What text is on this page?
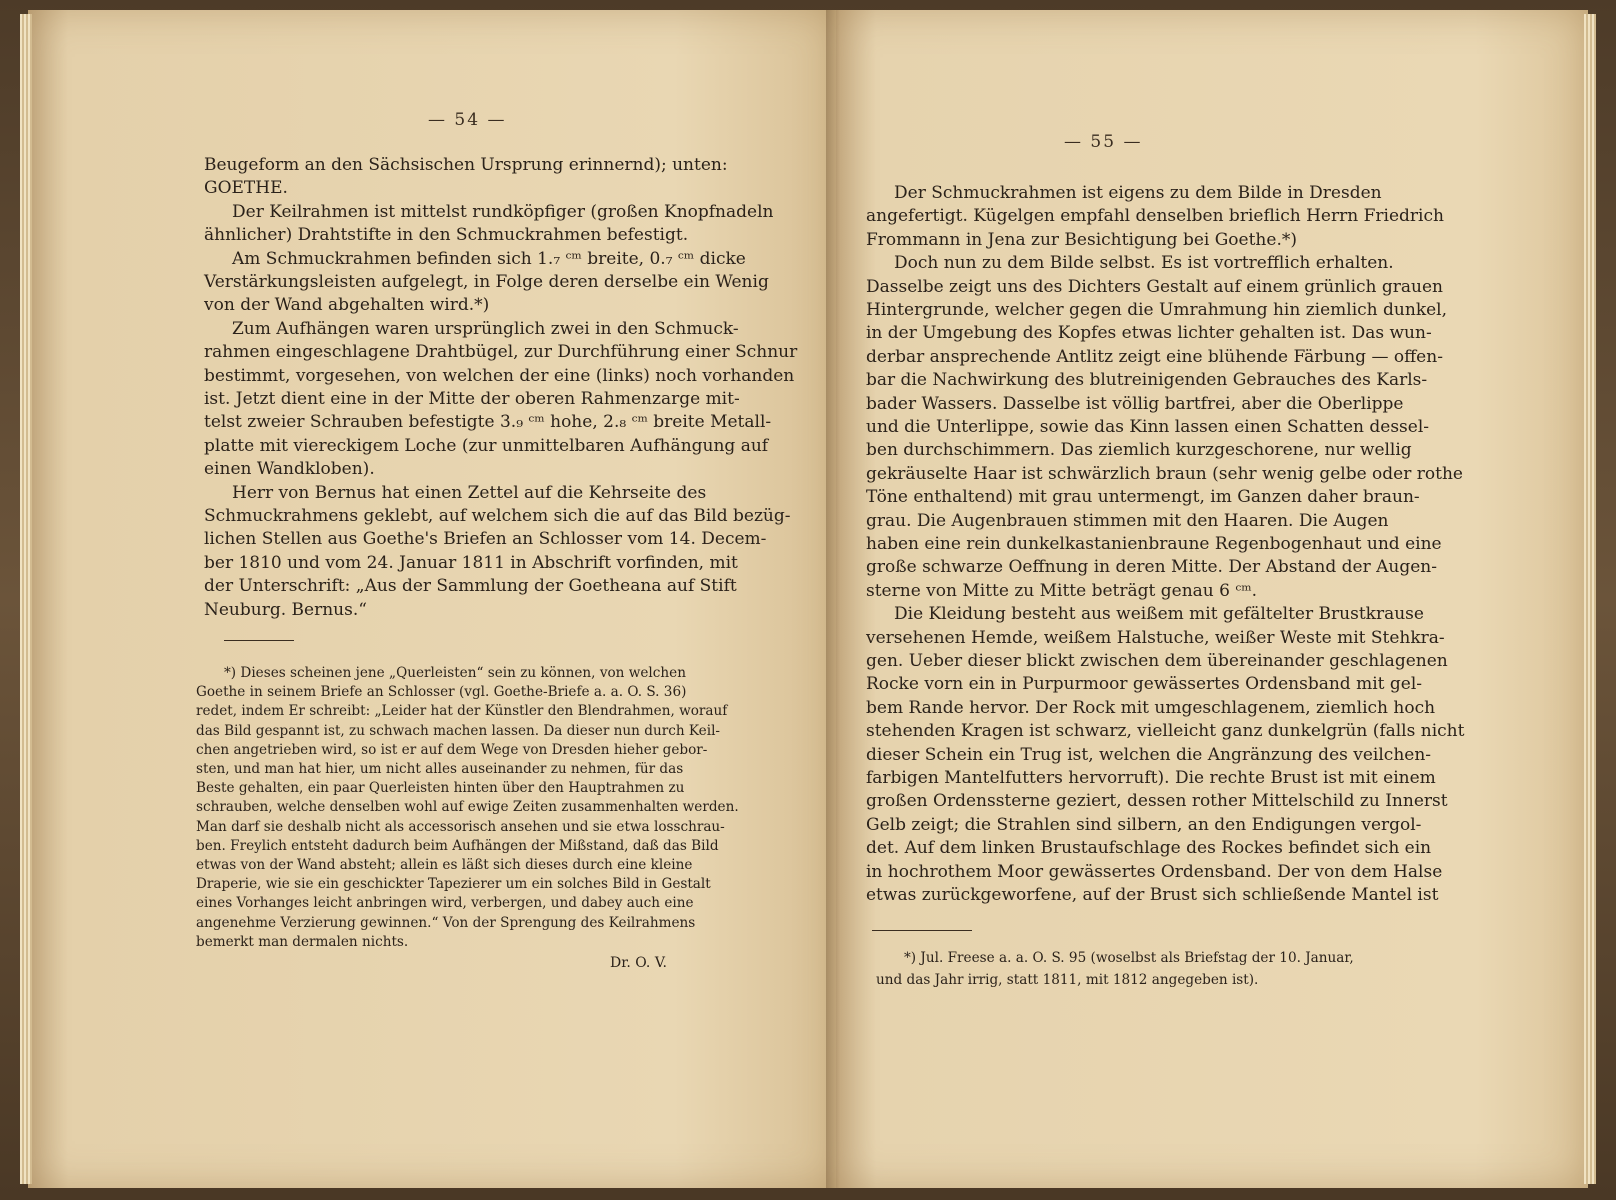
— 54 —
Beugeform an den Sächsischen Ursprung erinnernd); unten:
GOETHE.
Der Keilrahmen ist mittelst rundköpfiger (großen Knopfnadeln
ähnlicher) Drahtstifte in den Schmuckrahmen befestigt.
Am Schmuckrahmen befinden sich 1.₇ ᶜᵐ breite, 0.₇ ᶜᵐ dicke
Verstärkungsleisten aufgelegt, in Folge deren derselbe ein Wenig
von der Wand abgehalten wird.*)
Zum Aufhängen waren ursprünglich zwei in den Schmuck-
rahmen eingeschlagene Drahtbügel, zur Durchführung einer Schnur
bestimmt, vorgesehen, von welchen der eine (links) noch vorhanden
ist. Jetzt dient eine in der Mitte der oberen Rahmenzarge mit-
telst zweier Schrauben befestigte 3.₉ ᶜᵐ hohe, 2.₈ ᶜᵐ breite Metall-
platte mit viereckigem Loche (zur unmittelbaren Aufhängung auf
einen Wandkloben).
Herr von Bernus hat einen Zettel auf die Kehrseite des
Schmuckrahmens geklebt, auf welchem sich die auf das Bild bezüg-
lichen Stellen aus Goethe's Briefen an Schlosser vom 14. Decem-
ber 1810 und vom 24. Januar 1811 in Abschrift vorfinden, mit
der Unterschrift: „Aus der Sammlung der Goetheana auf Stift
Neuburg. Bernus.“
*) Dieses scheinen jene „Querleisten“ sein zu können, von welchen
Goethe in seinem Briefe an Schlosser (vgl. Goethe-Briefe a. a. O. S. 36)
redet, indem Er schreibt: „Leider hat der Künstler den Blendrahmen, worauf
das Bild gespannt ist, zu schwach machen lassen. Da dieser nun durch Keil-
chen angetrieben wird, so ist er auf dem Wege von Dresden hieher gebor-
sten, und man hat hier, um nicht alles auseinander zu nehmen, für das
Beste gehalten, ein paar Querleisten hinten über den Hauptrahmen zu
schrauben, welche denselben wohl auf ewige Zeiten zusammenhalten werden.
Man darf sie deshalb nicht als accessorisch ansehen und sie etwa losschrau-
ben. Freylich entsteht dadurch beim Aufhängen der Mißstand, daß das Bild
etwas von der Wand absteht; allein es läßt sich dieses durch eine kleine
Draperie, wie sie ein geschickter Tapezierer um ein solches Bild in Gestalt
eines Vorhanges leicht anbringen wird, verbergen, und dabey auch eine
angenehme Verzierung gewinnen.“ Von der Sprengung des Keilrahmens
bemerkt man dermalen nichts.
Dr. O. V.
— 55 —
Der Schmuckrahmen ist eigens zu dem Bilde in Dresden
angefertigt. Kügelgen empfahl denselben brieflich Herrn Friedrich
Frommann in Jena zur Besichtigung bei Goethe.*)
Doch nun zu dem Bilde selbst. Es ist vortrefflich erhalten.
Dasselbe zeigt uns des Dichters Gestalt auf einem grünlich grauen
Hintergrunde, welcher gegen die Umrahmung hin ziemlich dunkel,
in der Umgebung des Kopfes etwas lichter gehalten ist. Das wun-
derbar ansprechende Antlitz zeigt eine blühende Färbung — offen-
bar die Nachwirkung des blutreinigenden Gebrauches des Karls-
bader Wassers. Dasselbe ist völlig bartfrei, aber die Oberlippe
und die Unterlippe, sowie das Kinn lassen einen Schatten dessel-
ben durchschimmern. Das ziemlich kurzgeschorene, nur wellig
gekräuselte Haar ist schwärzlich braun (sehr wenig gelbe oder rothe
Töne enthaltend) mit grau untermengt, im Ganzen daher braun-
grau. Die Augenbrauen stimmen mit den Haaren. Die Augen
haben eine rein dunkelkastanienbraune Regenbogenhaut und eine
große schwarze Oeffnung in deren Mitte. Der Abstand der Augen-
sterne von Mitte zu Mitte beträgt genau 6 ᶜᵐ.
Die Kleidung besteht aus weißem mit gefältelter Brustkrause
versehenen Hemde, weißem Halstuche, weißer Weste mit Stehkra-
gen. Ueber dieser blickt zwischen dem übereinander geschlagenen
Rocke vorn ein in Purpurmoor gewässertes Ordensband mit gel-
bem Rande hervor. Der Rock mit umgeschlagenem, ziemlich hoch
stehenden Kragen ist schwarz, vielleicht ganz dunkelgrün (falls nicht
dieser Schein ein Trug ist, welchen die Angränzung des veilchen-
farbigen Mantelfutters hervorruft). Die rechte Brust ist mit einem
großen Ordenssterne geziert, dessen rother Mittelschild zu Innerst
Gelb zeigt; die Strahlen sind silbern, an den Endigungen vergol-
det. Auf dem linken Brustaufschlage des Rockes befindet sich ein
in hochrothem Moor gewässertes Ordensband. Der von dem Halse
etwas zurückgeworfene, auf der Brust sich schließende Mantel ist
*) Jul. Freese a. a. O. S. 95 (woselbst als Briefstag der 10. Januar,
und das Jahr irrig, statt 1811, mit 1812 angegeben ist).
